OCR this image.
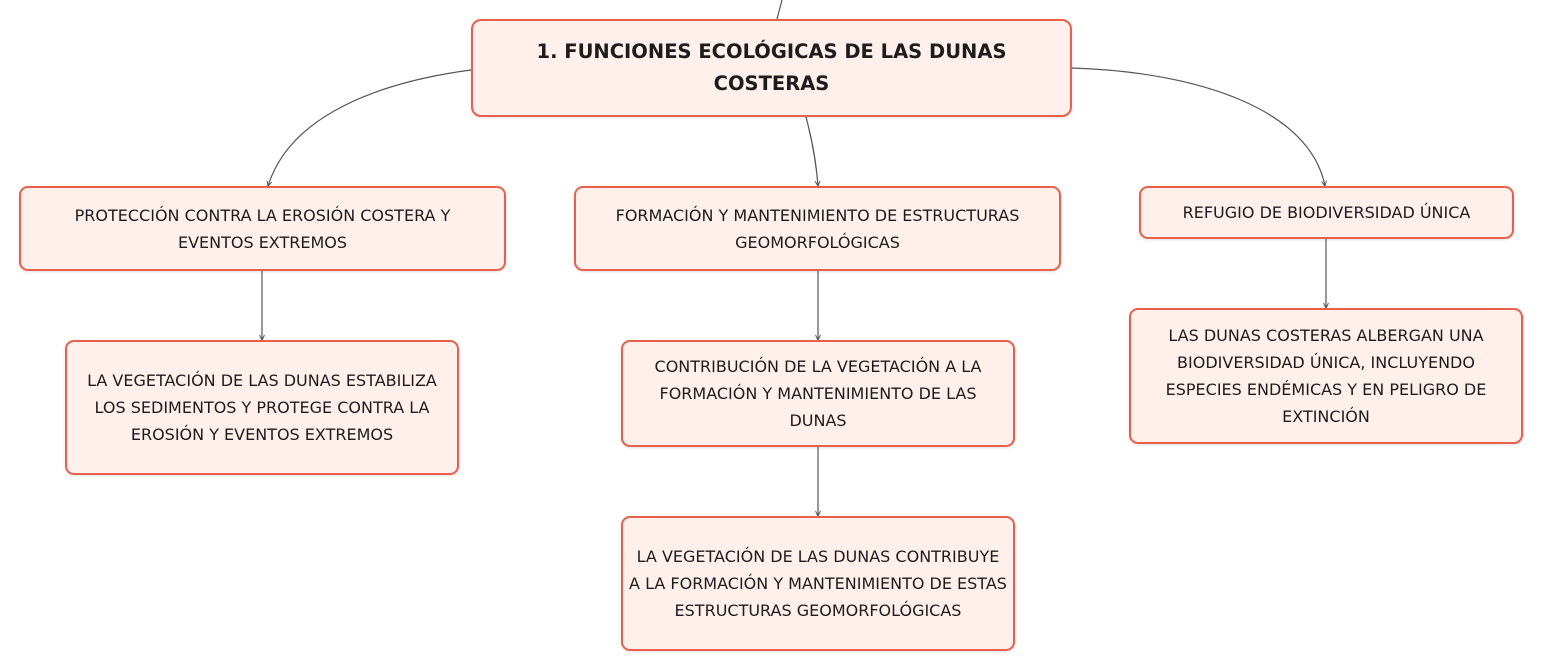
1. FUNCIONES ECOLÓGICAS DE LAS DUNAS COSTERAS
PROTECCIÓN CONTRA LA EROSIÓN COSTERA Y EVENTOS EXTREMOS
LA VEGETACIÓN DE LAS DUNAS ESTABILIZA LOS SEDIMENTOS Y PROTEGE CONTRA LA EROSIÓN Y EVENTOS EXTREMOS
FORMACIÓN Y MANTENIMIENTO DE ESTRUCTURAS GEOMORFOLÓGICAS
CONTRIBUCIÓN DE LA VEGETACIÓN A LA FORMACIÓN Y MANTENIMIENTO DE LAS DUNAS
LA VEGETACIÓN DE LAS DUNAS CONTRIBUYE A LA FORMACIÓN Y MANTENIMIENTO DE ESTAS ESTRUCTURAS GEOMORFOLÓGICAS
REFUGIO DE BIODIVERSIDAD ÚNICA
LAS DUNAS COSTERAS ALBERGAN UNA BIODIVERSIDAD ÚNICA, INCLUYENDO ESPECIES ENDÉMICAS Y EN PELIGRO DE EXTINCIÓN
